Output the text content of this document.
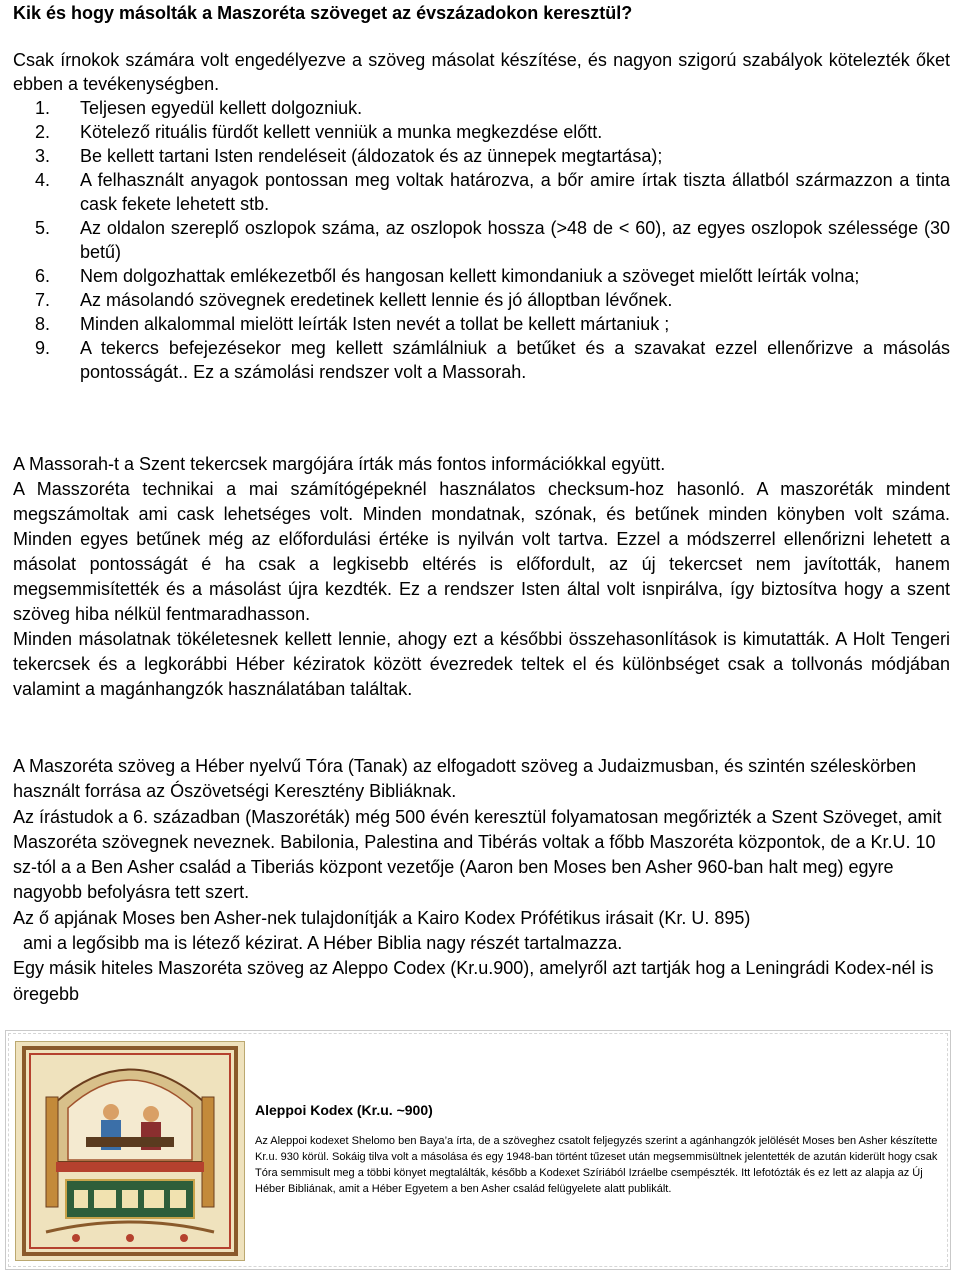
Kik és hogy másolták a Maszoréta szöveget az évszázadokon keresztül?

Csak írnokok számára volt engedélyezve a szöveg másolat készítése, és nagyon szigorú szabályok kötelezték őket ebben a tevékenységben.

1.	Teljesen egyedül kellett dolgozniuk.
2.	Kötelező rituális fürdőt kellett venniük a munka megkezdése előtt.
3.	Be kellett tartani Isten rendeléseit (áldozatok és az ünnepek megtartása);
4.	A felhasznált anyagok pontossan meg voltak határozva, a bőr amire írtak tiszta állatból származzon a tinta cask fekete lehetett stb.
5.	Az oldalon szereplő oszlopok száma, az oszlopok hossza (>48 de < 60), az egyes oszlopok szélessége (30 betű)
6.	Nem dolgozhattak emlékezetből és hangosan kellett kimondaniuk a szöveget mielőtt leírták volna;
7.	Az másolandó szövegnek eredetinek kellett lennie és jó álloptban lévőnek.
8.	Minden alkalommal mielött leírták Isten nevét a tollat be kellett mártaniuk ;
9.	A tekercs befejezésekor meg kellett számlálniuk a betűket és a szavakat ezzel ellenőrizve a másolás pontosságát.. Ez a számolási rendszer volt a Massorah.
A Massorah-t a Szent tekercsek margójára írták más fontos információkkal együtt.
A Masszoréta technikai a mai számítógépeknél használatos checksum-hoz hasonló. A maszoréták mindent megszámoltak ami cask lehetséges volt. Minden mondatnak, szónak, és betűnek minden könyben volt száma. Minden egyes betűnek még az előfordulási értéke is nyilván volt tartva. Ezzel a módszerrel ellenőrizni lehetett a másolat pontosságát é ha csak a legkisebb eltérés is előfordult, az új tekercset nem javították, hanem megsemmisítették és a másolást újra kezdték. Ez a rendszer Isten által volt isnpirálva, így biztosítva hogy a szent szöveg hiba nélkül fentmaradhasson.
Minden másolatnak tökéletesnek kellett lennie, ahogy ezt a későbbi összehasonlítások is kimutatták. A Holt Tengeri tekercsek és a legkorábbi Héber kéziratok között évezredek teltek el és különbséget csak a tollvonás módjában valamint a magánhangzók használatában találtak.
A Maszoréta szöveg a Héber nyelvű Tóra (Tanak) az elfogadott szöveg a Judaizmusban, és szintén széleskörben használt forrása az Ószövetségi Keresztény Bibliáknak.
Az írástudok a 6. században (Maszoréták) még 500 évén keresztül folyamatosan megőrizték a Szent Szöveget, amit Maszoréta szövegnek neveznek. Babilonia, Palestina and Tibérás voltak a főbb Maszoréta központok, de a Kr.U. 10 sz-tól a a Ben Asher család a Tiberiás központ vezetője (Aaron ben Moses ben Asher 960-ban halt meg) egyre nagyobb befolyásra tett szert.
Az ő apjának Moses ben Asher-nek tulajdonítják a Kairo Kodex Prófétikus irásait (Kr. U. 895)
ami a legősibb ma is létező kézirat. A Héber Biblia nagy részét tartalmazza.
Egy másik hiteles Maszoréta szöveg az Aleppo Codex (Kr.u.900), amelyről azt tartják hog a Leningrádi Kodex-nél is öregebb

Aleppoi Kodex (Kr.u. ~900)

Az Aleppoi kodexet Shelomo ben Baya’a írta, de a szöveghez csatolt feljegyzés szerint a agánhangzók jelölését Moses ben Asher készítette Kr.u. 930 körül. Sokáig tilva volt a másolása és egy 1948-ban történt tűzeset után megsemmisültnek jelentették de azután kiderült hogy csak Tóra semmisult meg a többi könyet megtalálták, később a Kodexet Szíriából Izráelbe csempészték. Itt lefotózták és ez lett az alapja az Új Héber Bibliának, amit a Héber Egyetem a ben Asher család felügyelete alatt publikált.
